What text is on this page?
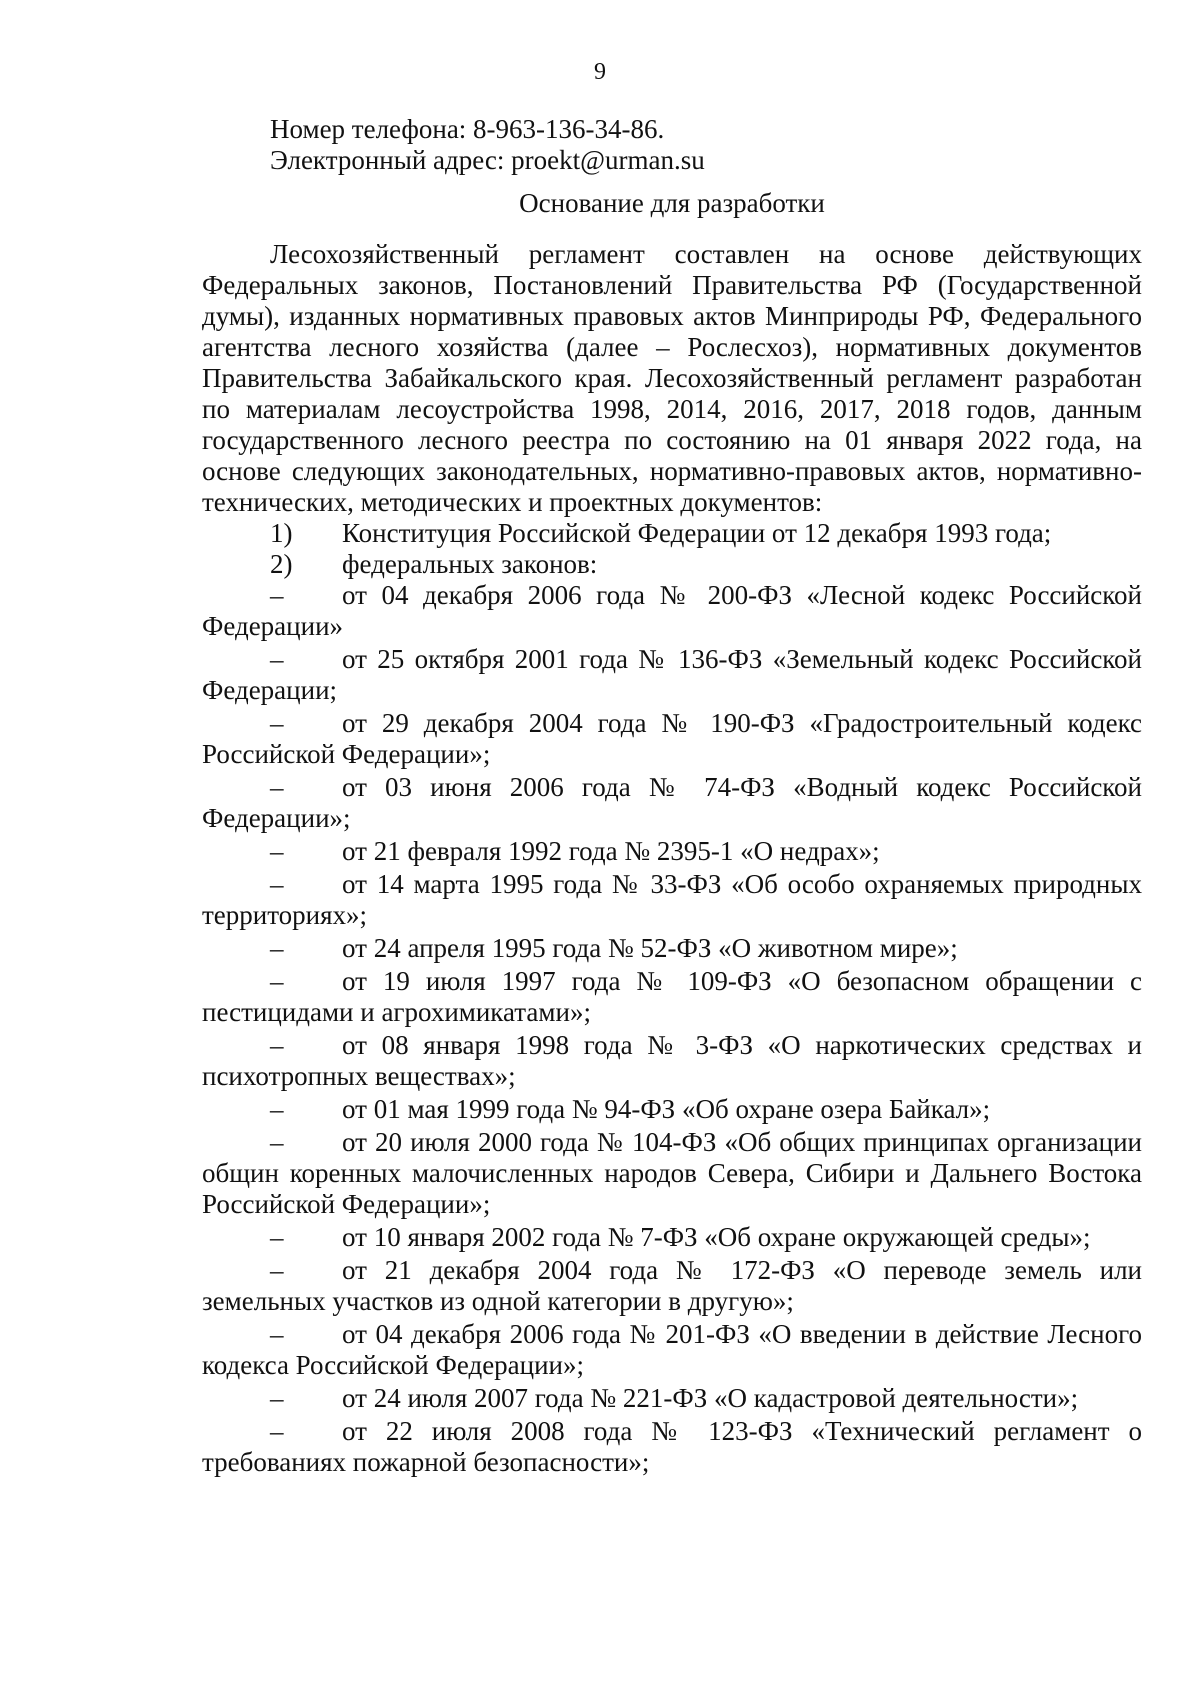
9

Номер телефона: 8-963-136-34-86.

Электронный адрес: proekt@urman.su

Основание для разработки

Лесохозяйственный регламент составлен на основе действующих Федеральных законов, Постановлений Правительства РФ (Государственной думы), изданных нормативных правовых актов Минприроды РФ, Федерального агентства лесного хозяйства (далее – Рослесхоз), нормативных документов Правительства Забайкальского края. Лесохозяйственный регламент разработан по материалам лесоустройства 1998, 2014, 2016, 2017, 2018 годов, данным государственного лесного реестра по состоянию на 01 января 2022 года, на основе следующих законодательных, нормативно-правовых актов, нормативно-технических, методических и проектных документов:

1)	Конституция Российской Федерации от 12 декабря 1993 года;
2)	федеральных законов:

– от 04 декабря 2006 года № 200-ФЗ «Лесной кодекс Российской Федерации»

– от 25 октября 2001 года № 136-ФЗ «Земельный кодекс Российской Федерации;

– от 29 декабря 2004 года № 190-ФЗ «Градостроительный кодекс Российской Федерации»;

– от 03 июня 2006 года № 74-ФЗ «Водный кодекс Российской Федерации»;

– от 21 февраля 1992 года № 2395-1 «О недрах»;

– от 14 марта 1995 года № 33-ФЗ «Об особо охраняемых природных территориях»;

– от 24 апреля 1995 года № 52-ФЗ «О животном мире»;

– от 19 июля 1997 года № 109-ФЗ «О безопасном обращении с пестицидами и агрохимикатами»;

– от 08 января 1998 года № 3-ФЗ «О наркотических средствах и психотропных веществах»;

– от 01 мая 1999 года № 94-ФЗ «Об охране озера Байкал»;

– от 20 июля 2000 года № 104-ФЗ «Об общих принципах организации общин коренных малочисленных народов Севера, Сибири и Дальнего Востока Российской Федерации»;

– от 10 января 2002 года № 7-ФЗ «Об охране окружающей среды»;

– от 21 декабря 2004 года № 172-ФЗ «О переводе земель или земельных участков из одной категории в другую»;

– от 04 декабря 2006 года № 201-ФЗ «О введении в действие Лесного кодекса Российской Федерации»;

– от 24 июля 2007 года № 221-ФЗ «О кадастровой деятельности»;

– от 22 июля 2008 года № 123-ФЗ «Технический регламент о требованиях пожарной безопасности»;
